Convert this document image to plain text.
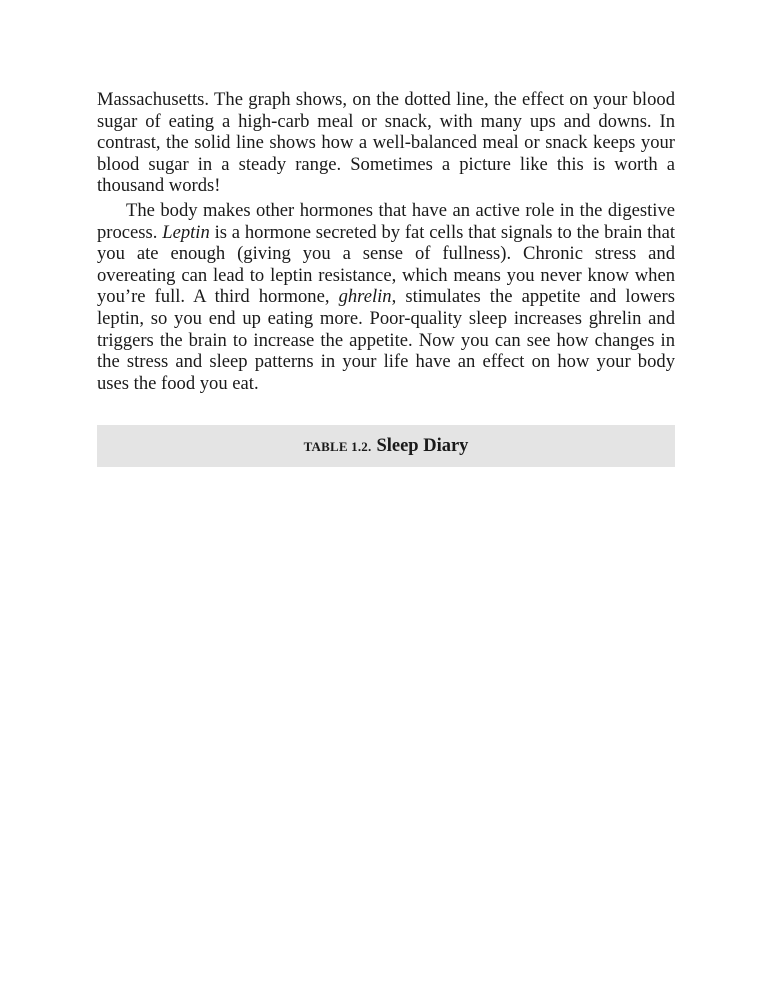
Massachusetts. The graph shows, on the dotted line, the effect on your blood sugar of eating a high-carb meal or snack, with many ups and downs. In contrast, the solid line shows how a well-balanced meal or snack keeps your blood sugar in a steady range. Sometimes a picture like this is worth a thousand words!

The body makes other hormones that have an active role in the digestive process. Leptin is a hormone secreted by fat cells that signals to the brain that you ate enough (giving you a sense of fullness). Chronic stress and overeating can lead to leptin resistance, which means you never know when you’re full. A third hormone, ghrelin, stimulates the appetite and lowers leptin, so you end up eating more. Poor-quality sleep increases ghrelin and triggers the brain to increase the appetite. Now you can see how changes in the stress and sleep patterns in your life have an effect on how your body uses the food you eat.

TABLE 1.2. Sleep Diary
